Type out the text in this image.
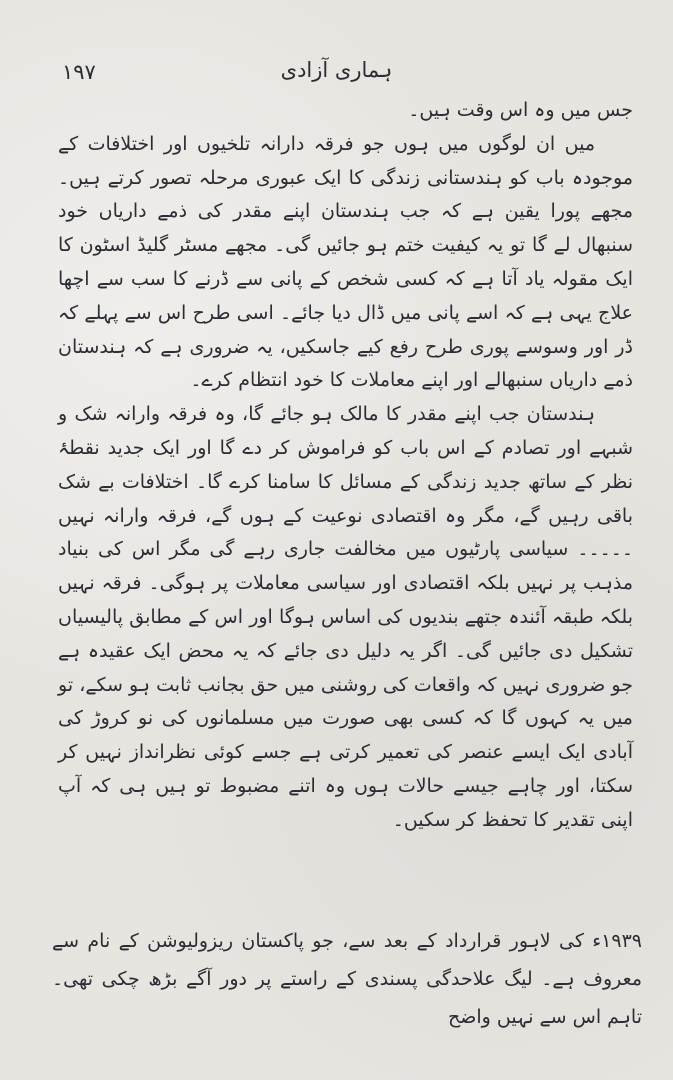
۱۹۷	ہماری آزادی

جس میں وہ اس وقت ہیں۔

میں ان لوگوں میں ہوں جو فرقہ دارانہ تلخیوں اور اختلافات کے موجودہ باب کو ہندستانی زندگی کا ایک عبوری مرحلہ تصور کرتے ہیں۔ مجھے پورا یقین ہے کہ جب ہندستان اپنے مقدر کی ذمے داریاں خود سنبھال لے گا تو یہ کیفیت ختم ہو جائیں گی۔ مجھے مسٹر گلیڈ اسٹون کا ایک مقولہ یاد آتا ہے کہ کسی شخص کے پانی سے ڈرنے کا سب سے اچھا علاج یہی ہے کہ اسے پانی میں ڈال دیا جائے۔ اسی طرح اس سے پہلے کہ ڈر اور وسوسے پوری طرح رفع کیے جاسکیں، یہ ضروری ہے کہ ہندستان ذمے داریاں سنبھالے اور اپنے معاملات کا خود انتظام کرے۔

ہندستان جب اپنے مقدر کا مالک ہو جائے گا، وہ فرقہ وارانہ شک و شبہے اور تصادم کے اس باب کو فراموش کر دے گا اور ایک جدید نقطۂ نظر کے ساتھ جدید زندگی کے مسائل کا سامنا کرے گا۔ اختلافات بے شک باقی رہیں گے، مگر وہ اقتصادی نوعیت کے ہوں گے، فرقہ وارانہ نہیں ۔۔۔۔۔ سیاسی پارٹیوں میں مخالفت جاری رہے گی مگر اس کی بنیاد مذہب پر نہیں بلکہ اقتصادی اور سیاسی معاملات پر ہوگی۔ فرقہ نہیں بلکہ طبقہ آئندہ جتھے بندیوں کی اساس ہوگا اور اس کے مطابق پالیسیاں تشکیل دی جائیں گی۔ اگر یہ دلیل دی جائے کہ یہ محض ایک عقیدہ ہے جو ضروری نہیں کہ واقعات کی روشنی میں حق بجانب ثابت ہو سکے، تو میں یہ کہوں گا کہ کسی بھی صورت میں مسلمانوں کی نو کروڑ کی آبادی ایک ایسے عنصر کی تعمیر کرتی ہے جسے کوئی نظرانداز نہیں کر سکتا، اور چاہے جیسے حالات ہوں وہ اتنے مضبوط تو ہیں ہی کہ آپ اپنی تقدیر کا تحفظ کر سکیں۔

۱۹۳۹ء کی لاہور قرارداد کے بعد سے، جو پاکستان ریزولیوشن کے نام سے معروف ہے۔ لیگ علاحدگی پسندی کے راستے پر دور آگے بڑھ چکی تھی۔ تاہم اس سے نہیں واضح
